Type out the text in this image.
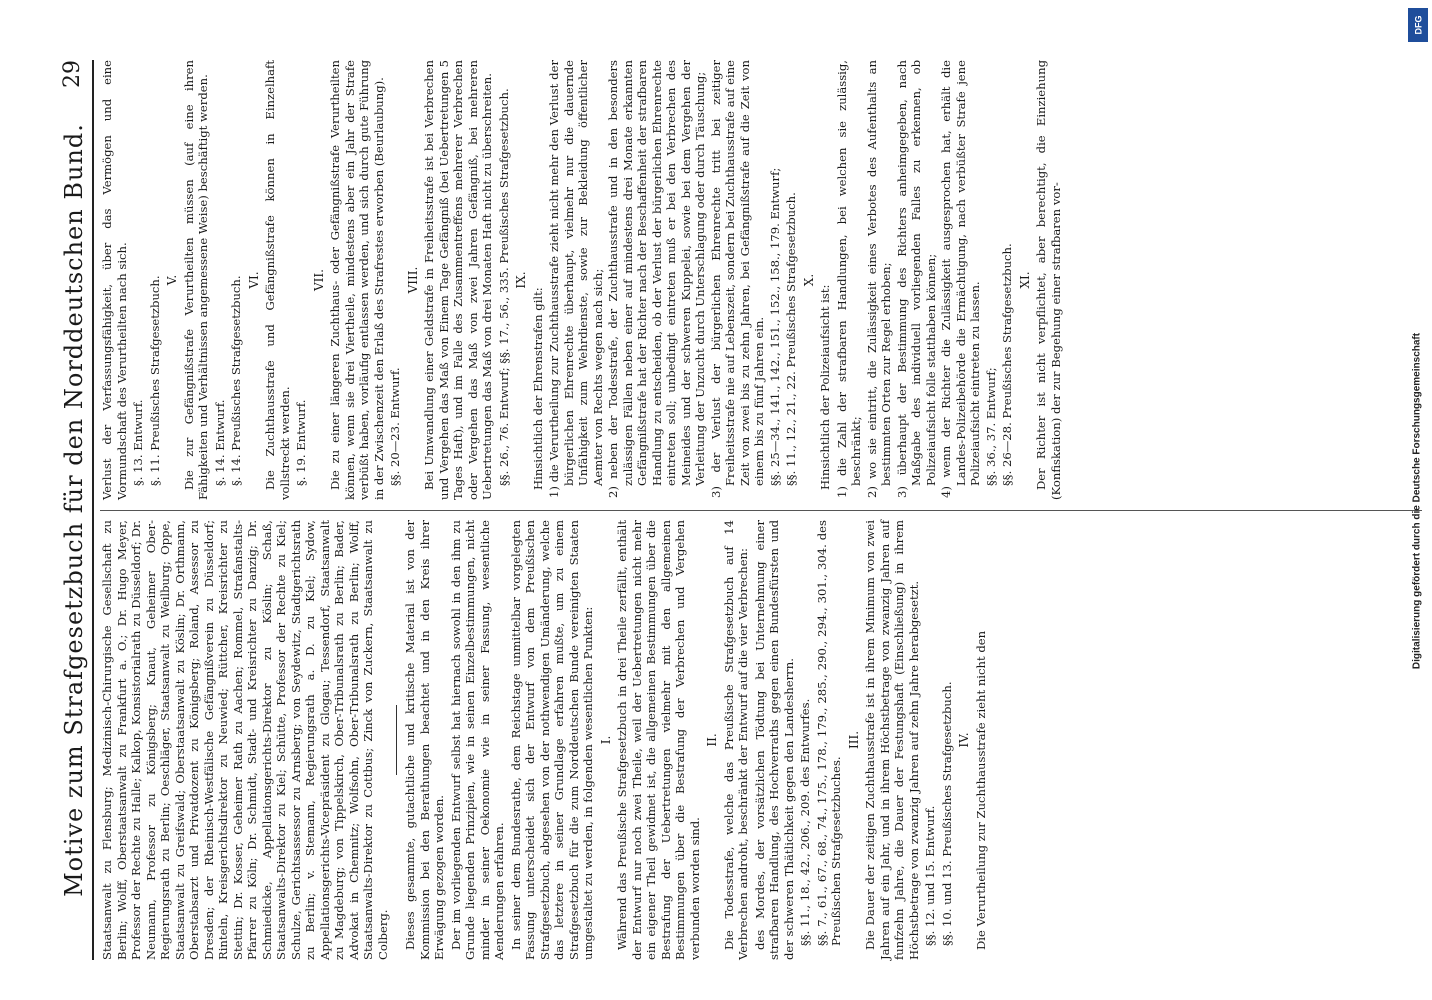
Motive zum Strafgesetzbuch für den Norddeutschen Bund.
29

Staatsanwalt zu Flensburg; Medizinisch-Chirurgische Gesellschaft zu Berlin; Wolff, Oberstaatsanwalt zu Frankfurt a. O.; Dr. Hugo Meyer, Professor der Rechte zu Halle; Kalkop, Konsistorialrath zu Düsseldorf; Dr. Neumann, Professor zu Königsberg; Knaut, Geheimer Ober-Regierungsrath zu Berlin; Oeschläger, Staatsanwalt zu Weilburg; Oppe, Staatsanwalt zu Greifswald; Oberstaatsanwalt zu Köslin; Dr. Orthmann, Oberstabsarzt und Privatdozent zu Königsberg; Roland, Assessor zu Dresden; der Rheinisch-Westfälische Gefängnißverein zu Düsseldorf; Rinteln, Kreisgerichtsdirektor zu Neuwied; Rüttcher, Kreisrichter zu Stettin; Dr. Kosser, Geheimer Rath zu Aachen; Rommel, Strafanstalts-Pfarrer zu Köln; Dr. Schmidt, Stadt- und Kreisrichter zu Danzig; Dr. Schmiedicke, Appellationsgerichts-Direktor zu Köslin; Schaß, Staatsanwalts-Direktor zu Kiel; Schütte, Professor der Rechte zu Kiel; Schulze, Gerichtsassessor zu Arnsberg; von Seydewitz, Stadtgerichtsrath zu Berlin; v. Stemann, Regierungsrath a. D. zu Kiel; Sydow, Appellationsgerichts-Vicepräsident zu Glogau; Tessendorf, Staatsanwalt zu Magdeburg; von Tippelskirch, Ober-Tribunalsrath zu Berlin; Bader, Advokat in Chemnitz; Wolfsohn, Ober-Tribunalsrath zu Berlin; Wolff, Staatsanwalts-Direktor zu Cottbus; Zinck von Zuckern, Staatsanwalt zu Colberg. Dieses gesammte, gutachtliche und kritische Material ist von der Kommission bei den Berathungen beachtet und in den Kreis ihrer Erwägung gezogen worden. Der im vorliegenden Entwurf selbst hat hiernach sowohl in den ihm zu Grunde liegenden Prinzipien, wie in seinen Einzelbestimmungen, nicht minder in seiner Oekonomie wie in seiner Fassung, wesentliche Aenderungen erfahren. In seiner dem Bundesrathe, dem Reichstage unmittelbar vorgelegten Fassung unterscheidet sich der Entwurf von dem Preußischen Strafgesetzbuch, abgesehen von der nothwendigen Umänderung, welche das letztere in seiner Grundlage erfahren mußte, um zu einem Strafgesetzbuch für die zum Norddeutschen Bunde vereinigten Staaten umgestaltet zu werden, in folgenden wesentlichen Punkten: I. Während das Preußische Strafgesetzbuch in drei Theile zerfällt, enthält der Entwurf nur noch zwei Theile, weil der Uebertretungen nicht mehr ein eigener Theil gewidmet ist, die allgemeinen Bestimmungen über die Bestrafung der Uebertretungen vielmehr mit den allgemeinen Bestimmungen über die Bestrafung der Verbrechen und Vergehen verbunden worden sind.

II. Die Todesstrafe, welche das Preußische Strafgesetzbuch auf 14 Verbrechen androht, beschränkt der Entwurf auf die vier Verbrechen: des Mordes, der vorsätzlichen Tödtung bei Unternehmung einer strafbaren Handlung, des Hochverraths gegen einen Bundesfürsten und der schweren Thätlichkeit gegen den Landesherrn. §§. 11., 18., 42., 206., 209. des Entwurfes. §§. 7., 61., 67., 68., 74., 175., 178., 179., 285., 290., 294., 301., 304. des Preußischen Strafgesetzbuches.

III. Die Dauer der zeitigen Zuchthausstrafe ist in ihrem Minimum von zwei Jahren auf ein Jahr, und in ihrem Höchstbetrage von zwanzig Jahren auf funfzehn Jahre, die Dauer der Festungshaft (Einschließung) in ihrem Höchstbetrage von zwanzig Jahren auf zehn Jahre herabgesetzt. §§. 12. und 15. Entwurf. §§. 10. und 13. Preußisches Strafgesetzbuch. IV. Die Verurtheilung zur Zuchthausstrafe zieht nicht den

Verlust der Verfassungsfähigkeit, über das Vermögen und eine Vormundschaft des Verurtheilten nach sich. §. 13. Entwurf. §. 11. Preußisches Strafgesetzbuch. V. Die zur Gefängnißstrafe Verurtheilten müssen (auf eine ihren Fähigkeiten und Verhältnissen angemessene Weise) beschäftigt werden. §. 14. Entwurf. §. 14. Preußisches Strafgesetzbuch. VI. Die Zuchthausstrafe und Gefängnißstrafe können in Einzelhaft vollstreckt werden. §. 19. Entwurf.

VII. Die zu einer längeren Zuchthaus- oder Gefängnißstrafe Verurtheilten können, wenn sie drei Viertheile, mindestens aber ein Jahr der Strafe verbüßt haben, vorläufig entlassen werden, und sich durch gute Führung in der Zwischenzeit den Erlaß des Strafrestes erworben (Beurlaubung). §§. 20—23. Entwurf.

VIII. Bei Umwandlung einer Geldstrafe in Freiheitsstrafe ist bei Verbrechen und Vergehen das Maß von Einem Tage Gefängniß (bei Uebertretungen 5 Tages Haft), und im Falle des Zusammentreffens mehrerer Verbrechen oder Vergehen das Maß von zwei Jahren Gefängniß, bei mehreren Uebertretungen das Maß von drei Monaten Haft nicht zu überschreiten. §§. 26., 76. Entwurf; §§. 17., 56., 335. Preußisches Strafgesetzbuch. IX.

Hinsichtlich der Ehrenstrafen gilt: 1) die Verurtheilung zur Zuchthausstrafe zieht nicht mehr den Verlust der bürgerlichen Ehrenrechte überhaupt, vielmehr nur die dauernde Unfähigkeit zum Wehrdienste, sowie zur Bekleidung öffentlicher Aemter von Rechts wegen nach sich; 2) neben der Todesstrafe, der Zuchthausstrafe und in den besonders zulässigen Fällen neben einer auf mindestens drei Monate erkannten Gefängnißstrafe hat der Richter nach der Beschaffenheit der strafbaren Handlung zu entscheiden, ob der Verlust der bürgerlichen Ehrenrechte eintreten soll; unbedingt eintreten muß er bei den Verbrechen des Meineides und der schweren Kuppelei, sowie bei dem Vergehen der Verleitung der Unzucht durch Unterschlagung oder durch Täuschung; 3) der Verlust der bürgerlichen Ehrenrechte tritt bei zeitiger Freiheitsstrafe nie auf Lebenszeit, sondern bei Zuchthausstrafe auf eine Zeit von zwei bis zu zehn Jahren, bei Gefängnißstrafe auf die Zeit von einem bis zu fünf Jahren ein. §§. 25—34., 141., 142., 151., 152., 158., 179. Entwurf; §§. 11., 12., 21., 22. Preußisches Strafgesetzbuch. X.

Hinsichtlich der Polizeiaufsicht ist: 1) die Zahl der strafbaren Handlungen, bei welchen sie zulässig, beschränkt; 2) wo sie eintritt, die Zulässigkeit eines Verbotes des Aufenthalts an bestimmten Orten zur Regel erhoben; 3) überhaupt der Bestimmung des Richters anheimgegeben, nach Maßgabe des individuell vorliegenden Falles zu erkennen, ob Polizeiaufsicht folle statthaben können; 4) wenn der Richter die Zulässigkeit ausgesprochen hat, erhält die Landes-Polizeibehörde die Ermächtigung, nach verbüßter Strafe jene Polizeiaufsicht eintreten zu lassen. §§. 36., 37. Entwurf; §§. 26—28. Preußisches Strafgesetzbuch. XI. Der Richter ist nicht verpflichtet, aber berechtigt, die Einziehung (Konfiskation) der zur Begehung einer strafbaren vor-

DFG
Digitalisierung gefördert durch die Deutsche Forschungsgemeinschaft
